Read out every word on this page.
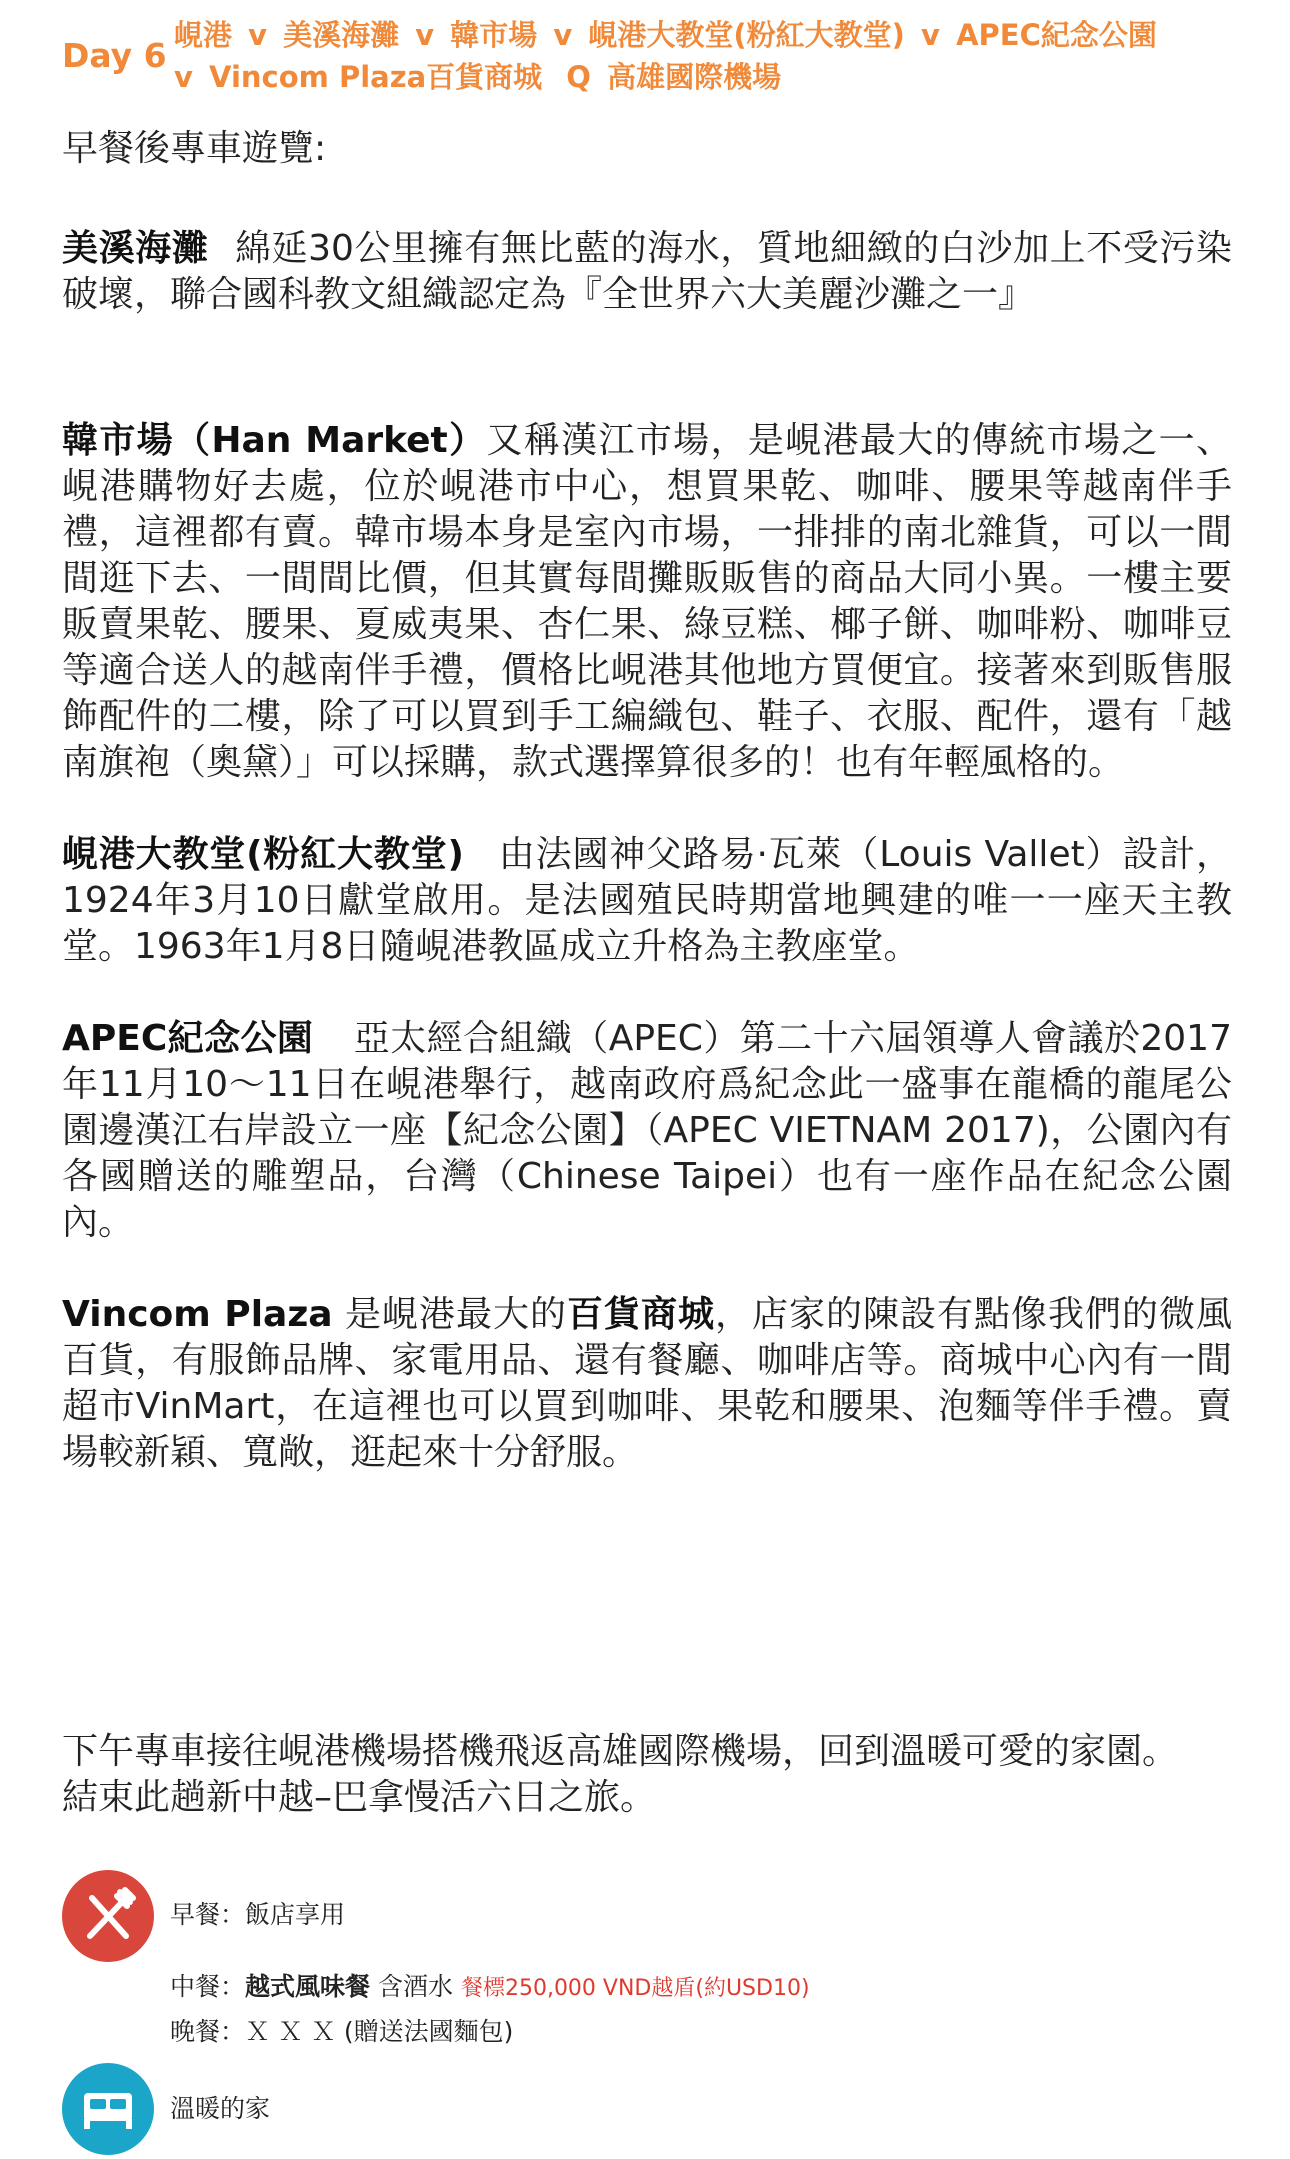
Day 6
峴港 v 美溪海灘 v 韓市場 v 峴港大教堂(粉紅大教堂) v APEC紀念公園
v Vincom Plaza百貨商城 Q 高雄國際機場

早餐後專車遊覽:

美溪海灘 綿延30公里擁有無比藍的海水，質地細緻的白沙加上不受污染破壞，聯合國科教文組織認定為『全世界六大美麗沙灘之一』

韓市場（Han Market）又稱漢江市場，是峴港最大的傳統市場之一、峴港購物好去處，位於峴港市中心，想買果乾、咖啡、腰果等越南伴手禮，這裡都有賣。韓市場本身是室內市場，一排排的南北雜貨，可以一間間逛下去、一間間比價，但其實每間攤販販售的商品大同小異。一樓主要販賣果乾、腰果、夏威夷果、杏仁果、綠豆糕、椰子餅、咖啡粉、咖啡豆等適合送人的越南伴手禮，價格比峴港其他地方買便宜。接著來到販售服飾配件的二樓，除了可以買到手工編織包、鞋子、衣服、配件，還有「越南旗袍（奧黛）」可以採購，款式選擇算很多的！也有年輕風格的。

峴港大教堂(粉紅大教堂) 由法國神父路易·瓦萊（Louis Vallet）設計，1924年3月10日獻堂啟用。是法國殖民時期當地興建的唯一一座天主教堂。1963年1月8日隨峴港教區成立升格為主教座堂。

APEC紀念公園 亞太經合組織（APEC）第二十六屆領導人會議於2017年11月10～11日在峴港舉行，越南政府爲紀念此一盛事在龍橋的龍尾公園邊漢江右岸設立一座【紀念公園】（APEC VIETNAM 2017)，公園內有各國贈送的雕塑品，台灣（Chinese Taipei）也有一座作品在紀念公園內。

Vincom Plaza 是峴港最大的百貨商城，店家的陳設有點像我們的微風百貨，有服飾品牌、家電用品、還有餐廳、咖啡店等。商城中心內有一間超市VinMart，在這裡也可以買到咖啡、果乾和腰果、泡麵等伴手禮。賣場較新穎、寬敞，逛起來十分舒服。

下午專車接往峴港機場搭機飛返高雄國際機場，回到溫暖可愛的家園。結束此趟新中越–巴拿慢活六日之旅。

早餐：飯店享用
中餐：越式風味餐 含酒水 餐標250,000 VND越盾(約USD10)
晚餐：Ｘ Ｘ Ｘ (贈送法國麵包)
溫暖的家
